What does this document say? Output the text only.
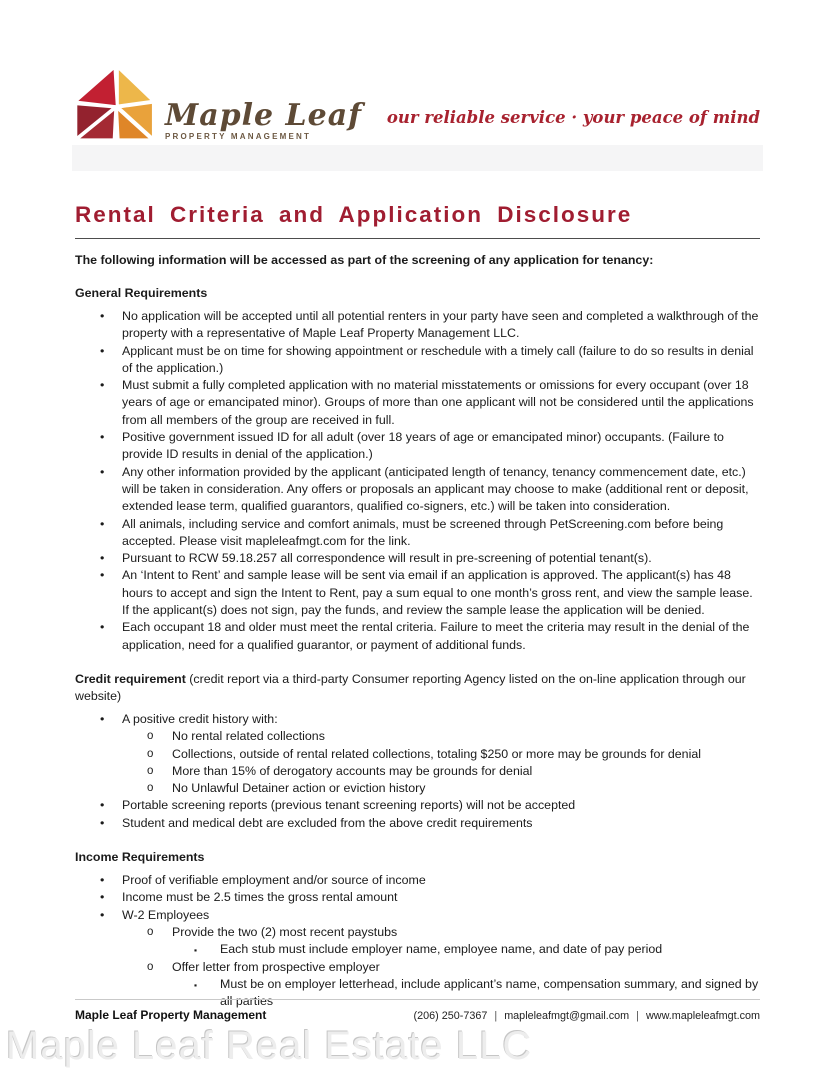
Maple Leaf
PROPERTY MANAGEMENT
our reliable service · your peace of mind
Rental Criteria and Application Disclosure

The following information will be accessed as part of the screening of any application for tenancy:

General Requirements

• No application will be accepted until all potential renters in your party have seen and completed a walkthrough of the property with a representative of Maple Leaf Property Management LLC.
• Applicant must be on time for showing appointment or reschedule with a timely call (failure to do so results in denial of the application.)
• Must submit a fully completed application with no material misstatements or omissions for every occupant (over 18 years of age or emancipated minor). Groups of more than one applicant will not be considered until the applications from all members of the group are received in full.
• Positive government issued ID for all adult (over 18 years of age or emancipated minor) occupants. (Failure to provide ID results in denial of the application.)
• Any other information provided by the applicant (anticipated length of tenancy, tenancy commencement date, etc.) will be taken in consideration. Any offers or proposals an applicant may choose to make (additional rent or deposit, extended lease term, qualified guarantors, qualified co-signers, etc.) will be taken into consideration.
• All animals, including service and comfort animals, must be screened through PetScreening.com before being accepted. Please visit mapleleafmgt.com for the link.
• Pursuant to RCW 59.18.257 all correspondence will result in pre-screening of potential tenant(s).
• An ‘Intent to Rent’ and sample lease will be sent via email if an application is approved. The applicant(s) has 48 hours to accept and sign the Intent to Rent, pay a sum equal to one month’s gross rent, and view the sample lease. If the applicant(s) does not sign, pay the funds, and review the sample lease the application will be denied.
• Each occupant 18 and older must meet the rental criteria. Failure to meet the criteria may result in the denial of the application, need for a qualified guarantor, or payment of additional funds.

Credit requirement (credit report via a third-party Consumer reporting Agency listed on the on-line application through our website)

• A positive credit history with:
o No rental related collections
o Collections, outside of rental related collections, totaling $250 or more may be grounds for denial
o More than 15% of derogatory accounts may be grounds for denial
o No Unlawful Detainer action or eviction history
• Portable screening reports (previous tenant screening reports) will not be accepted
• Student and medical debt are excluded from the above credit requirements

Income Requirements

• Proof of verifiable employment and/or source of income
• Income must be 2.5 times the gross rental amount
• W-2 Employees
o Provide the two (2) most recent paystubs
▪ Each stub must include employer name, employee name, and date of pay period
o Offer letter from prospective employer
▪ Must be on employer letterhead, include applicant’s name, compensation summary, and signed by all parties
Maple Leaf Property Management	(206) 250-7367 | mapleleafmgt@gmail.com | www.mapleleafmgt.com
Maple Leaf Real Estate LLC
